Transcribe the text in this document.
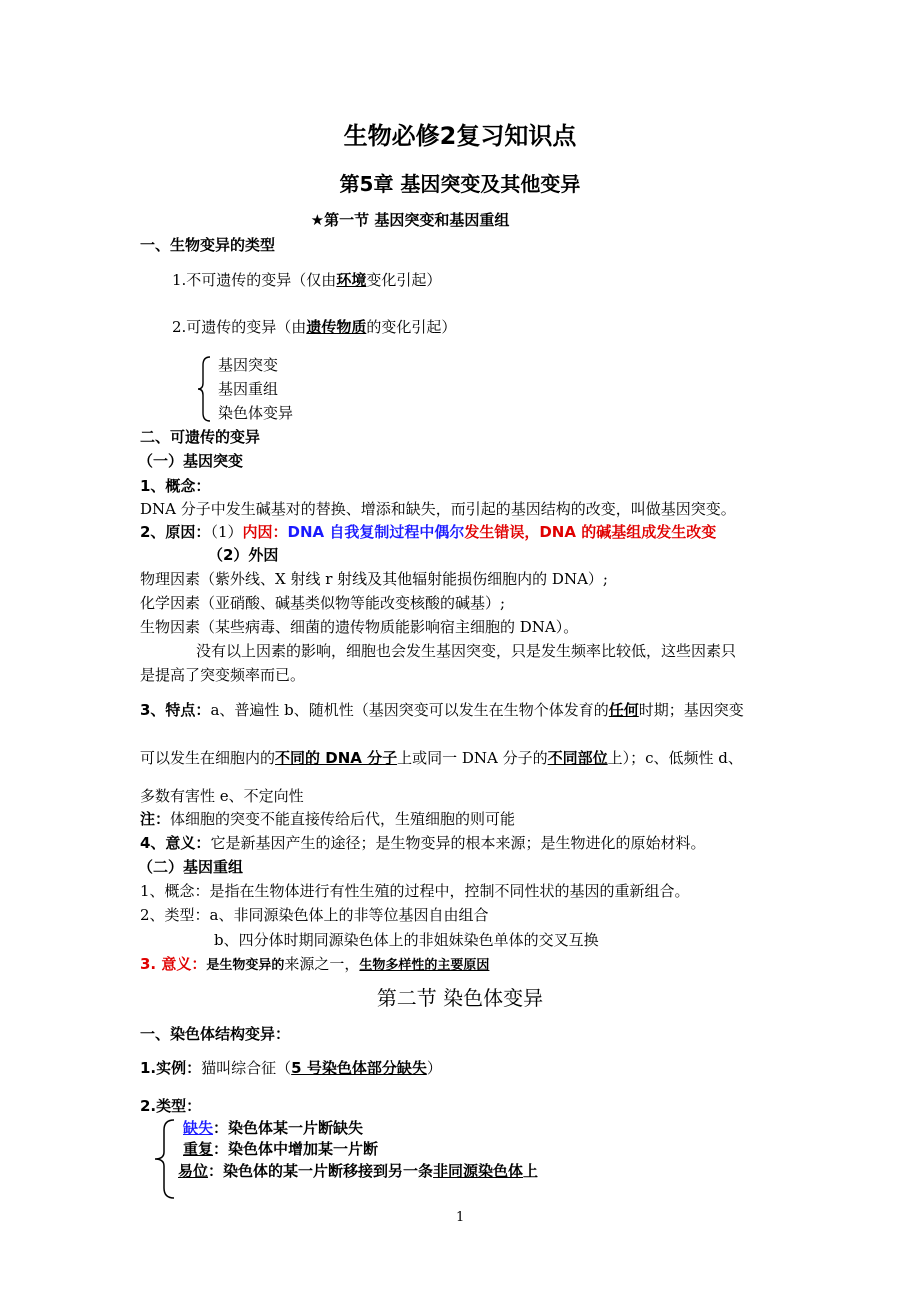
生物必修2复习知识点
第5章 基因突变及其他变异
★第一节 基因突变和基因重组
一、生物变异的类型
1.不可遗传的变异（仅由环境变化引起）
2.可遗传的变异（由遗传物质的变化引起）
基因突变
基因重组
染色体变异
二、可遗传的变异
（一）基因突变
1、概念：
DNA 分子中发生碱基对的替换、增添和缺失，而引起的基因结构的改变，叫做基因突变。
2、原因：（1）内因：DNA 自我复制过程中偶尔发生错误，DNA 的碱基组成发生改变
（2）外因
物理因素（紫外线、X 射线 r 射线及其他辐射能损伤细胞内的 DNA）;
化学因素（亚硝酸、碱基类似物等能改变核酸的碱基）;
生物因素（某些病毒、细菌的遗传物质能影响宿主细胞的 DNA）。
没有以上因素的影响，细胞也会发生基因突变，只是发生频率比较低，这些因素只
是提高了突变频率而已。
3、特点：a、普遍性 b、随机性（基因突变可以发生在生物个体发育的任何时期；基因突变
可以发生在细胞内的不同的 DNA 分子上或同一 DNA 分子的不同部位上）；c、低频性 d、
多数有害性 e、不定向性
注：体细胞的突变不能直接传给后代，生殖细胞的则可能
4、意义：它是新基因产生的途径；是生物变异的根本来源；是生物进化的原始材料。
（二）基因重组
1、概念：是指在生物体进行有性生殖的过程中，控制不同性状的基因的重新组合。
2、类型：a、非同源染色体上的非等位基因自由组合
b、四分体时期同源染色体上的非姐妹染色单体的交叉互换
3. 意义：是生物变异的来源之一，生物多样性的主要原因
第二节 染色体变异
一、染色体结构变异：
1.实例：猫叫综合征（5 号染色体部分缺失）
2.类型：
缺失：染色体某一片断缺失
重复：染色体中增加某一片断
易位：染色体的某一片断移接到另一条非同源染色体上
1
